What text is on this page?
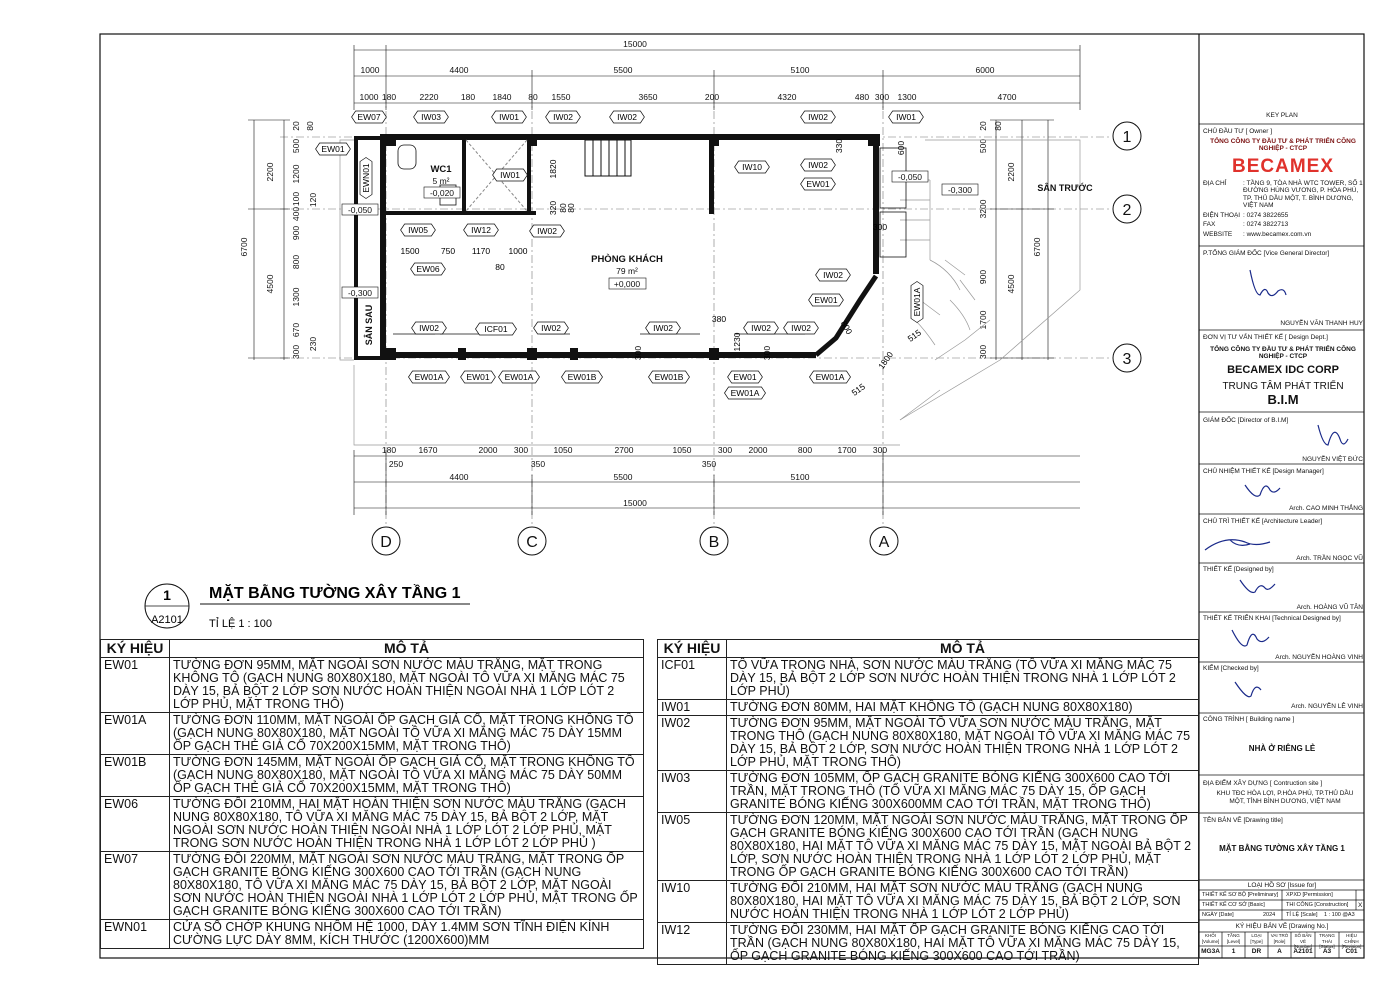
1
2
3
D	C	B	A
15000
1000	4400	5500	5100	6000
1000 180	2220	180 1840 80 1550	3650	200	4320	480 300 1300	4700
180	1670	2000 300	1050	2700	1050	300 2000	800	1700 300
250	350	350
4400	5500	5100
15000
6700
2200
4500
20 80
500
1200
100
400
900
800
1300
670
230
300
120
6700
2200
4500
20 80
500
3200
900
1700
300
EW07	IW03	IW01	IW02	IW02	IW02	IW01
EW01
EWN01	IW01
IW10	IW02
EW01
IW05	IW12	IW02
EW06
IW02
EW01	EW01A
IW02	ICF01	IW02	IW02	IW02 IW02
EW01A	EW01 EW01A	EW01B	EW01B	EW01	EW01A
EW01A
WC1
5 m²
-0,020
PHÒNG KHÁCH
79 m²
+0,000
SÂN TRƯỚC
SÂN SAU
-0,050
-0,300
-0,050
-0,300
1
A2101
MẶT BẰNG TƯỜNG XÂY TẦNG 1
TỈ LỆ 1 : 100
1500	750 1170 1000
80
1820
320 80
80
330	600
300
380
1230
300	300
800
1800
515
515
KEY PLAN
CHỦ ĐẦU TƯ [ Owner ]
TỔNG CÔNG TY ĐẦU TƯ & PHÁT TRIỂN CÔNG NGHIỆP - CTCP
BECAMEX
ĐỊA CHỈ	: TẦNG 9, TÒA NHÀ WTC TOWER, SỐ 1 ĐƯỜNG HÙNG VƯƠNG, P. HÒA PHÚ, TP. THỦ DẦU MỘT, T. BÌNH DƯƠNG, VIỆT NAM
ĐIỆN THOẠI : 0274 3822655
FAX	: 0274 3822713
WEBSITE	: www.becamex.com.vn
P.TỔNG GIÁM ĐỐC [Vice General Director]
NGUYỄN VĂN THANH HUY
ĐƠN VỊ TƯ VẤN THIẾT KẾ [ Design Dept.]
TỔNG CÔNG TY ĐẦU TƯ & PHÁT TRIỂN CÔNG NGHIỆP - CTCP
BECAMEX IDC CORP
TRUNG TÂM PHÁT TRIỂN
B.I.M
GIÁM ĐỐC [Director of B.I.M]
NGUYỄN VIỆT ĐỨC
CHỦ NHIỆM THIẾT KẾ [Design Manager]
Arch. CAO MINH THẮNG
CHỦ TRÌ THIẾT KẾ [Architecture Leader]
Arch. TRẦN NGỌC VŨ
THIẾT KẾ [Designed by]
Arch. HOÀNG VŨ TÂN
THIẾT KẾ TRIỂN KHAI [Technical Designed by]
Arch. NGUYỄN HOÀNG VINH
KIỂM [Checked by]
Arch. NGUYỄN LÊ VINH
CÔNG TRÌNH [ Building name ]
NHÀ Ở RIÊNG LẺ
ĐỊA ĐIỂM XÂY DỰNG [ Contruction site ]
KHU TĐC HÒA LỢI, P.HÒA PHÚ, TP.THỦ DẦU MỘT, TỈNH BÌNH DƯƠNG, VIỆT NAM
TÊN BẢN VẼ [Drawing title]
MẶT BẰNG TƯỜNG XÂY TẦNG 1
LOẠI HỒ SƠ [Issue for]
THIẾT KẾ SƠ BỘ [Preliminary] XPXD [Permission]
THIẾT KẾ CƠ SỞ [Basic]	THI CÔNG [Construction] X
NGÀY [Date]	2024 TỈ LỆ [Scale] 1 : 100 @A3
KÝ HIỆU BẢN VẼ [Drawing No.]
KHỐI [Volume]
MG3A
TẦNG [Level]
1
LOẠI [Type]
DR
VAI TRÒ [Role]
A
SỐ BẢN VẼ [Number]
A2101
TRẠNG THÁI [Status]
A3
HIỆU CHỈNH [Revision]
C01
KÝ HIỆU	MÔ TẢ
EW01	TƯỜNG ĐƠN 95MM, MẶT NGOÀI SƠN NƯỚC MÀU TRẮNG, MẶT TRONG KHÔNG TÔ (GẠCH NUNG 80X80X180, MẶT NGOÀI TÔ VỮA XI MĂNG MÁC 75 DÀY 15, BẢ BỘT 2 LỚP SƠN NƯỚC HOÀN THIỆN NGOÀI NHÀ 1 LỚP LÓT 2 LỚP PHỦ, MẶT TRONG THÔ)
EW01A	TƯỜNG ĐƠN 110MM, MẶT NGOÀI ỐP GẠCH GIẢ CỔ, MẶT TRONG KHÔNG TÔ (GẠCH NUNG 80X80X180, MẶT NGOÀI TÔ VỮA XI MĂNG MÁC 75 DÀY 15MM ỐP GẠCH THẺ GIẢ CỔ 70X200X15MM, MẶT TRONG THÔ)
EW01B	TƯỜNG ĐƠN 145MM, MẶT NGOÀI ỐP GẠCH GIẢ CỔ, MẶT TRONG KHÔNG TÔ (GẠCH NUNG 80X80X180, MẶT NGOÀI TÔ VỮA XI MĂNG MÁC 75 DÀY 50MM ỐP GẠCH THẺ GIẢ CỔ 70X200X15MM, MẶT TRONG THÔ)
EW06	TƯỜNG ĐÔI 210MM, HAI MẶT HOÀN THIỆN SƠN NƯỚC MÀU TRẮNG (GẠCH NUNG 80X80X180, TÔ VỮA XI MĂNG MÁC 75 DÀY 15, BẢ BỘT 2 LỚP, MẶT NGOÀI SƠN NƯỚC HOÀN THIỆN NGOÀI NHÀ 1 LỚP LÓT 2 LỚP PHỦ, MẶT TRONG SƠN NƯỚC HOÀN THIỆN TRONG NHÀ 1 LỚP LÓT 2 LỚP PHỦ )
EW07	TƯỜNG ĐÔI 220MM, MẶT NGOÀI SƠN NƯỚC MÀU TRẮNG, MẶT TRONG ỐP GẠCH GRANITE BÓNG KIẾNG 300X600 CAO TỚI TRẦN (GẠCH NUNG 80X80X180, TÔ VỮA XI MĂNG MÁC 75 DÀY 15, BẢ BỘT 2 LỚP, MẶT NGOÀI SƠN NƯỚC HOÀN THIỆN NGOÀI NHÀ 1 LỚP LÓT 2 LỚP PHỦ, MẶT TRONG ỐP GẠCH GRANITE BÓNG KIẾNG 300X600 CAO TỚI TRẦN)
EWN01	CỬA SỔ CHỚP KHUNG NHÔM HỆ 1000, DÀY 1.4MM SƠN TĨNH ĐIỆN KÍNH CƯỜNG LỰC DÀY 8MM, KÍCH THƯỚC (1200X600)MM
KÝ HIỆU	MÔ TẢ
ICF01	TÔ VỮA TRONG NHÀ, SƠN NƯỚC MÀU TRẮNG (TÔ VỮA XI MĂNG MÁC 75 DÀY 15, BẢ BỘT 2 LỚP SƠN NƯỚC HOÀN THIỆN TRONG NHÀ 1 LỚP LÓT 2 LỚP PHỦ)
IW01	TƯỜNG ĐƠN 80MM, HAI MẶT KHÔNG TÔ (GẠCH NUNG 80X80X180)
IW02	TƯỜNG ĐƠN 95MM, MẶT NGOÀI TÔ VỮA SƠN NƯỚC MÀU TRẮNG, MẶT TRONG THÔ (GẠCH NUNG 80X80X180, MẶT NGOÀI TÔ VỮA XI MĂNG MÁC 75 DÀY 15, BẢ BỘT 2 LỚP, SƠN NƯỚC HOÀN THIỆN TRONG NHÀ 1 LỚP LÓT 2 LỚP PHỦ, MẶT TRONG THÔ)
IW03	TƯỜNG ĐƠN 105MM, ỐP GẠCH GRANITE BÓNG KIẾNG 300X600 CAO TỚI TRẦN, MẶT TRONG THÔ (TÔ VỮA XI MĂNG MÁC 75 DÀY 15, ỐP GẠCH GRANITE BÓNG KIẾNG 300X600MM CAO TỚI TRẦN, MẶT TRONG THÔ)
IW05	TƯỜNG ĐƠN 120MM, MẶT NGOÀI SƠN NƯỚC MÀU TRẮNG, MẶT TRONG ỐP GẠCH GRANITE BÓNG KIẾNG 300X600 CAO TỚI TRẦN (GẠCH NUNG 80X80X180, HAI MẶT TÔ VỮA XI MĂNG MÁC 75 DÀY 15, MẶT NGOÀI BẢ BỘT 2 LỚP, SƠN NƯỚC HOÀN THIỆN TRONG NHÀ 1 LỚP LÓT 2 LỚP PHỦ, MẶT TRONG ỐP GẠCH GRANITE BÓNG KIẾNG 300X600 CAO TỚI TRẦN)
IW10	TƯỜNG ĐÔI 210MM, HAI MẶT SƠN NƯỚC MÀU TRẮNG (GẠCH NUNG 80X80X180, HAI MẶT TÔ VỮA XI MĂNG MÁC 75 DÀY 15, BẢ BỘT 2 LỚP, SƠN NƯỚC HOÀN THIỆN TRONG NHÀ 1 LỚP LÓT 2 LỚP PHỦ)
IW12	TƯỜNG ĐÔI 230MM, HAI MẶT ỐP GẠCH GRANITE BÓNG KIẾNG CAO TỚI TRẦN (GẠCH NUNG 80X80X180, HAI MẶT TÔ VỮA XI MĂNG MÁC 75 DÀY 15, ỐP GẠCH GRANITE BÓNG KIẾNG 300X600 CAO TỚI TRẦN)
